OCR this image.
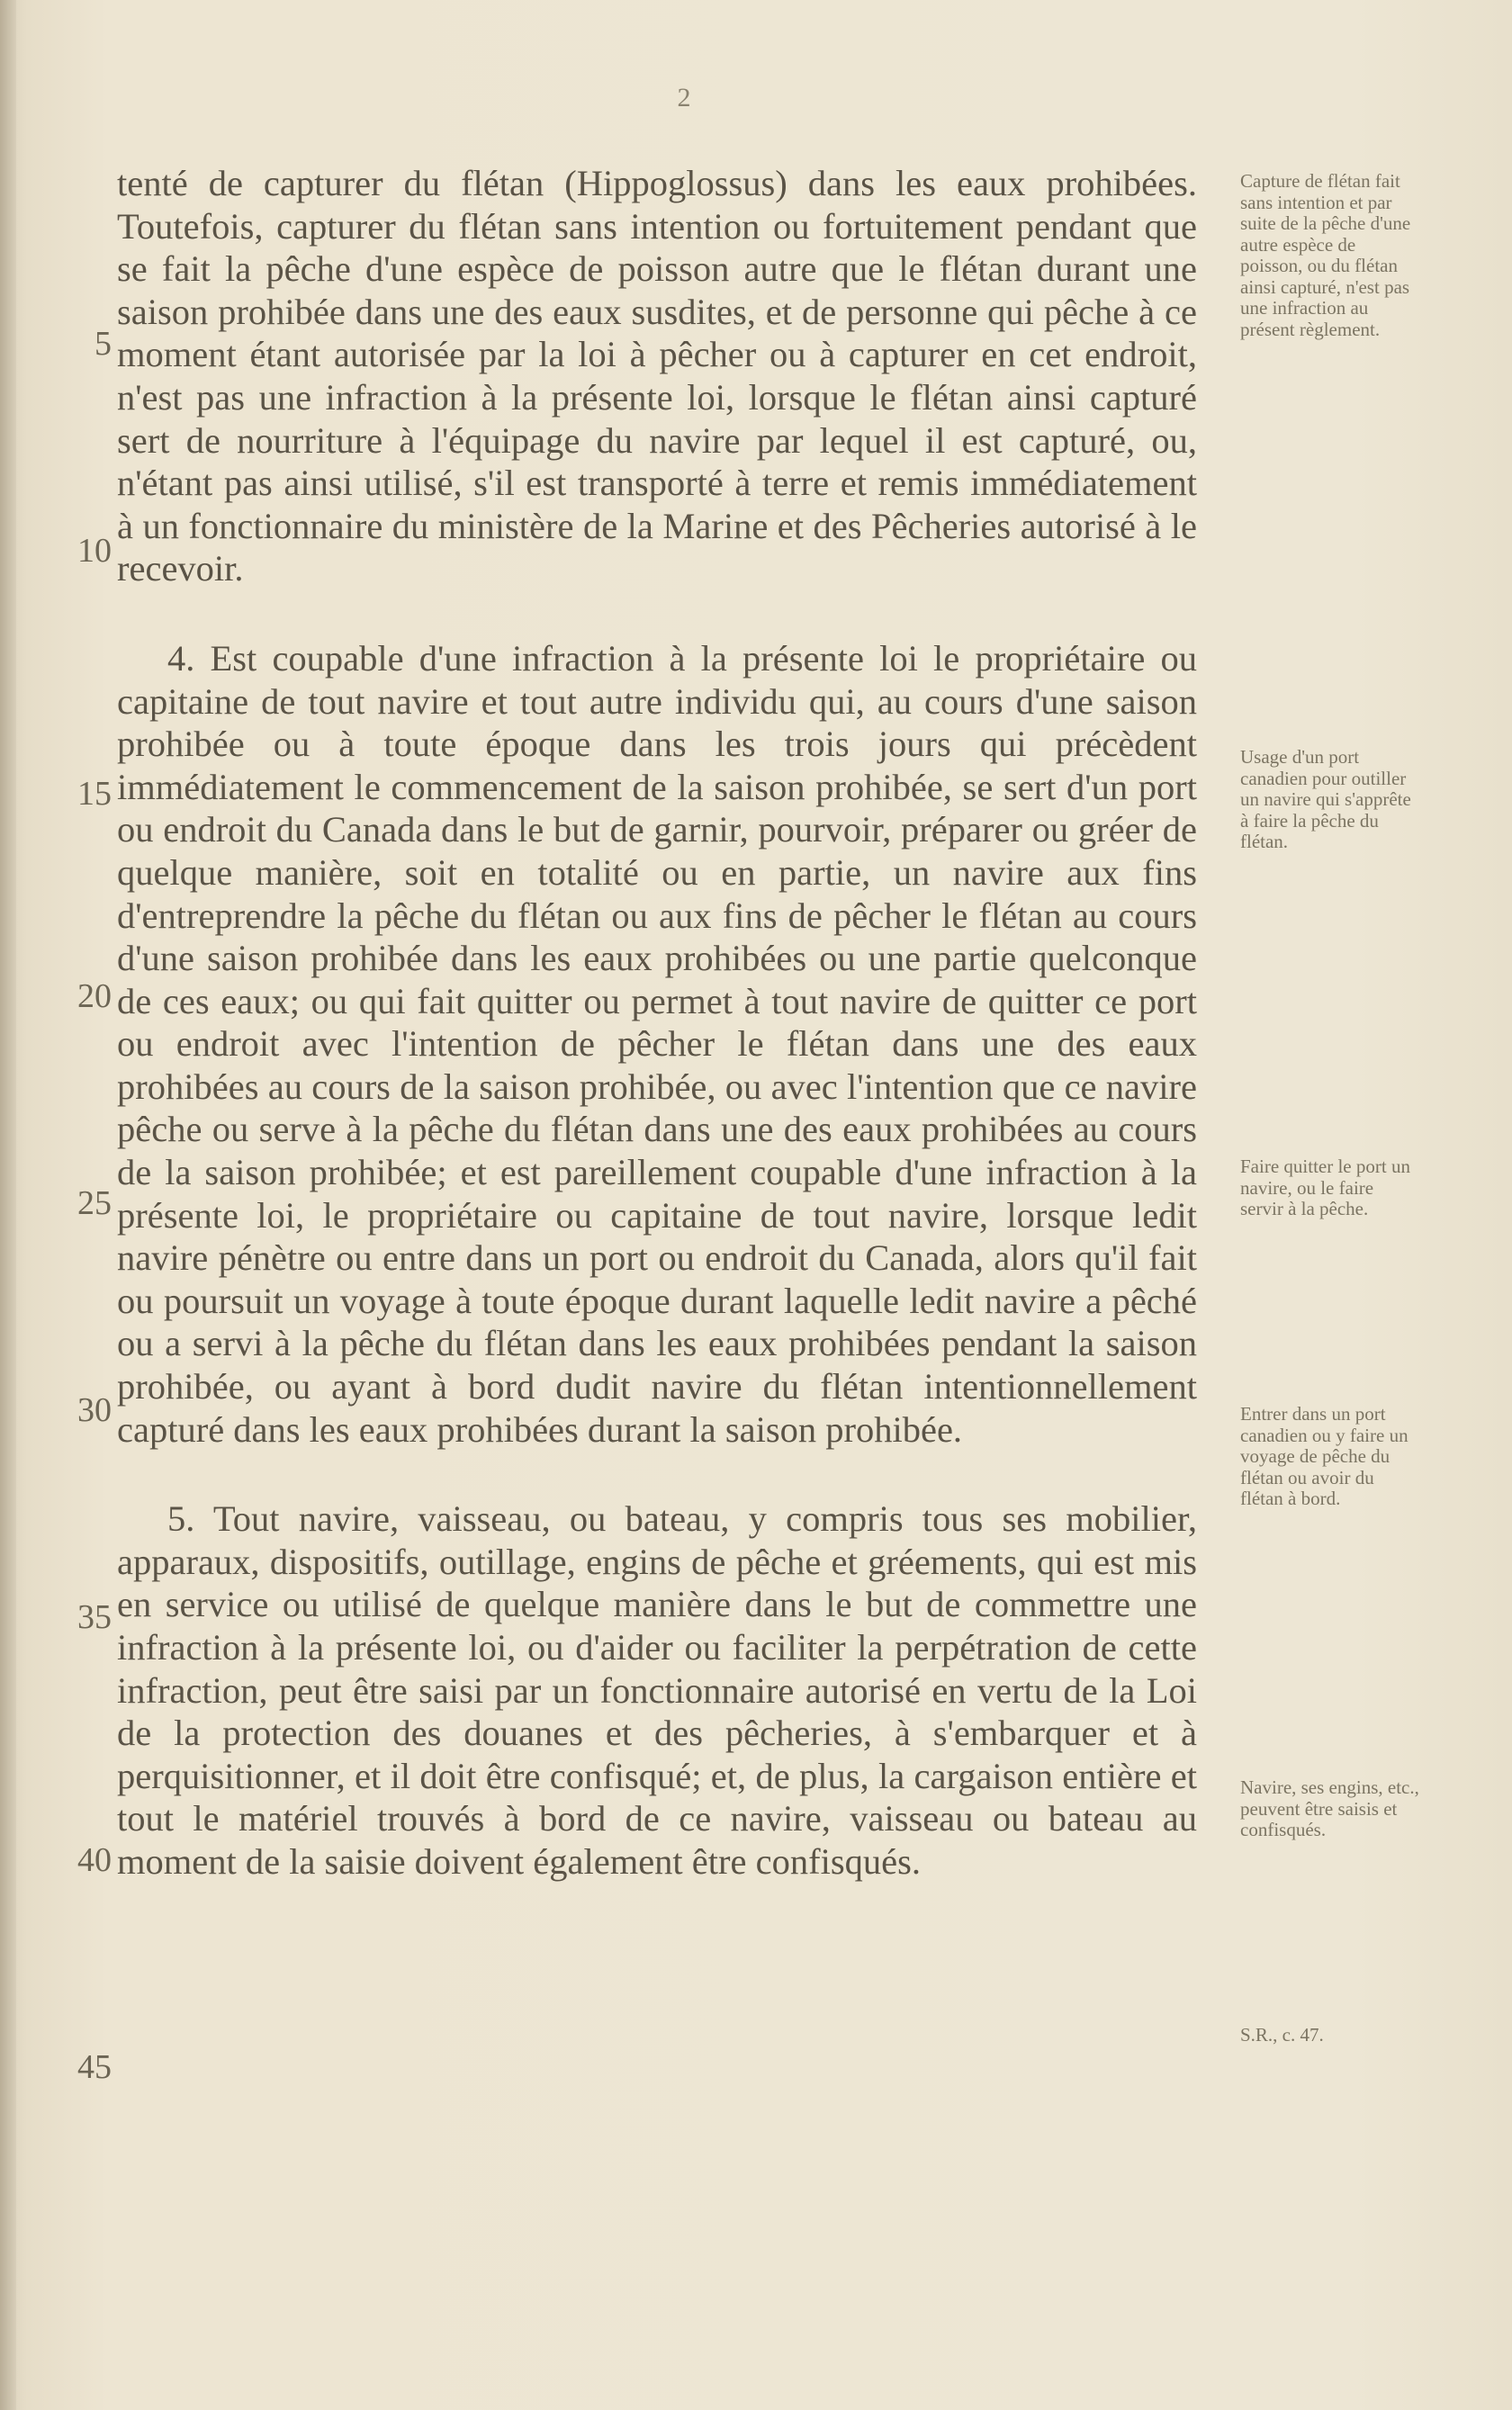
2

tenté de capturer du flétan (Hippoglossus) dans les eaux prohibées. Toutefois, capturer du flétan sans intention ou fortuitement pendant que se fait la pêche d'une espèce de poisson autre que le flétan durant une saison prohibée dans une des eaux susdites, et de personne qui pêche à ce moment étant autorisée par la loi à pêcher ou à capturer en cet endroit, n'est pas une infraction à la présente loi, lorsque le flétan ainsi capturé sert de nourriture à l'équipage du navire par lequel il est capturé, ou, n'étant pas ainsi utilisé, s'il est transporté à terre et remis immédiatement à un fonctionnaire du ministère de la Marine et des Pêcheries autorisé à le recevoir.

4. Est coupable d'une infraction à la présente loi le propriétaire ou capitaine de tout navire et tout autre individu qui, au cours d'une saison prohibée ou à toute époque dans les trois jours qui précèdent immédiatement le commencement de la saison prohibée, se sert d'un port ou endroit du Canada dans le but de garnir, pourvoir, préparer ou gréer de quelque manière, soit en totalité ou en partie, un navire aux fins d'entreprendre la pêche du flétan ou aux fins de pêcher le flétan au cours d'une saison prohibée dans les eaux prohibées ou une partie quelconque de ces eaux; ou qui fait quitter ou permet à tout navire de quitter ce port ou endroit avec l'intention de pêcher le flétan dans une des eaux prohibées au cours de la saison prohibée, ou avec l'intention que ce navire pêche ou serve à la pêche du flétan dans une des eaux prohibées au cours de la saison prohibée; et est pareillement coupable d'une infraction à la présente loi, le propriétaire ou capitaine de tout navire, lorsque ledit navire pénètre ou entre dans un port ou endroit du Canada, alors qu'il fait ou poursuit un voyage à toute époque durant laquelle ledit navire a pêché ou a servi à la pêche du flétan dans les eaux prohibées pendant la saison prohibée, ou ayant à bord dudit navire du flétan intentionnellement capturé dans les eaux prohibées durant la saison prohibée.

5. Tout navire, vaisseau, ou bateau, y compris tous ses mobilier, apparaux, dispositifs, outillage, engins de pêche et gréements, qui est mis en service ou utilisé de quelque manière dans le but de commettre une infraction à la présente loi, ou d'aider ou faciliter la perpétration de cette infraction, peut être saisi par un fonctionnaire autorisé en vertu de la Loi de la protection des douanes et des pêcheries, à s'embarquer et à perquisitionner, et il doit être confisqué; et, de plus, la cargaison entière et tout le matériel trouvés à bord de ce navire, vaisseau ou bateau au moment de la saisie doivent également être confisqués.

5
10
15
20
25
30
35
40
45
Capture de flétan fait sans intention et par suite de la pêche d'une autre espèce de poisson, ou du flétan ainsi capturé, n'est pas une infraction au présent règlement.
Usage d'un port canadien pour outiller un navire qui s'apprête à faire la pêche du flétan.
Faire quitter le port un navire, ou le faire servir à la pêche.
Entrer dans un port canadien ou y faire un voyage de pêche du flétan ou avoir du flétan à bord.
Navire, ses engins, etc., peuvent être saisis et confisqués.
S.R., c. 47.
